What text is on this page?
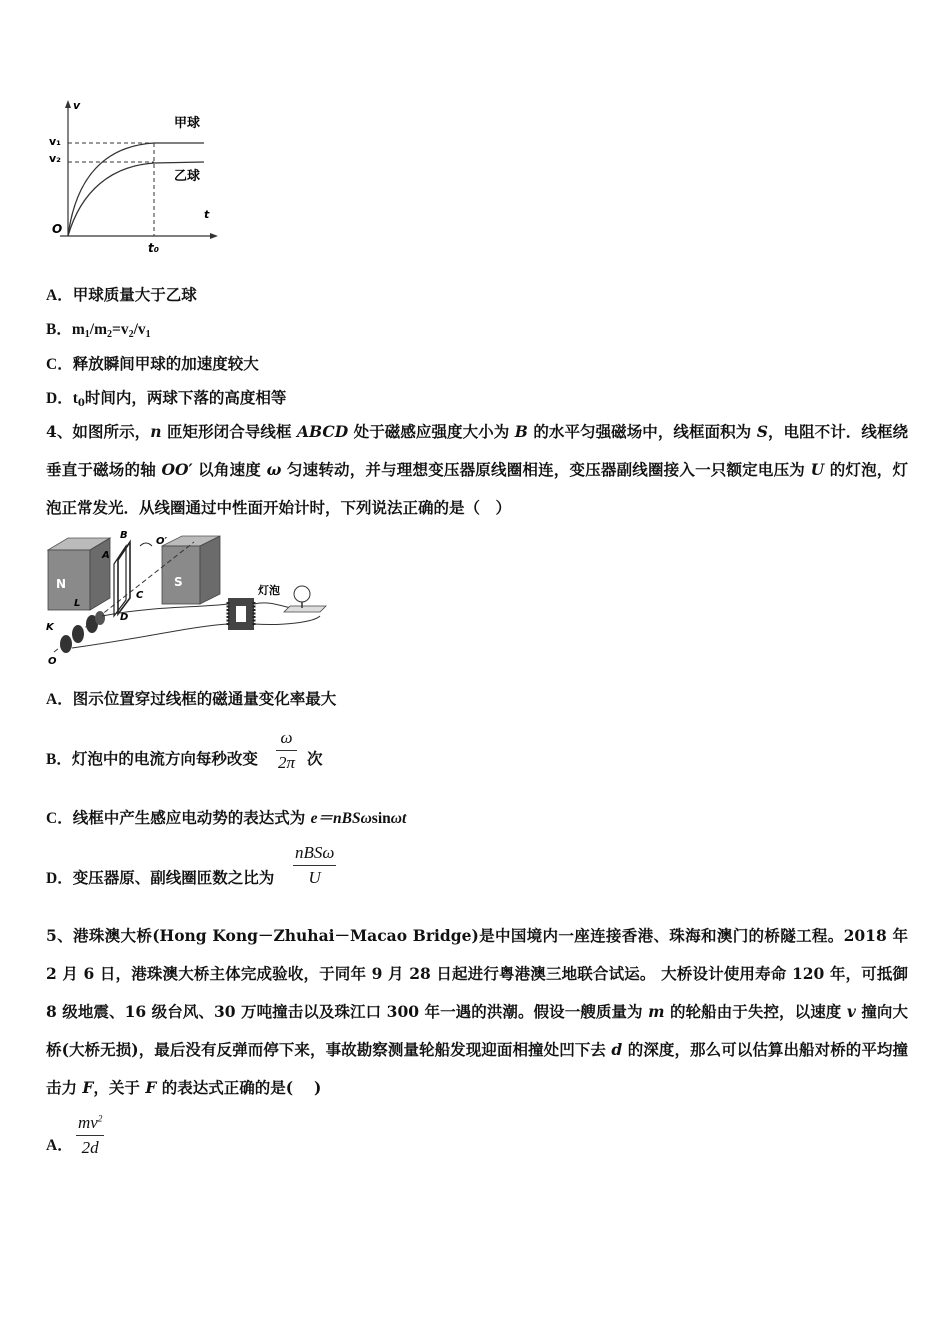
v
t
O
v₁
v₂
t₀
甲球
乙球
A．甲球质量大于乙球
B．$m_1/m_2=v_2/v_1$
C．释放瞬间甲球的加速度较大
D．$t_0$时间内，两球下落的高度相等
4、如图所示，n 匝矩形闭合导线框 ABCD 处于磁感应强度大小为 B 的水平匀强磁场中，线框面积为 S，电阻不计．线框绕垂直于磁场的轴 OO′ 以角速度 ω 匀速转动，并与理想变压器原线圈相连，变压器副线圈接入一只额定电压为 U 的灯泡，灯泡正常发光．从线圈通过中性面开始计时，下列说法正确的是（　）
N	S
A
B
C
D
O′
L
K
O
灯泡
A．图示位置穿过线框的磁通量变化率最大
B．灯泡中的电流方向每秒改变
ω
2π 次
C．线框中产生感应电动势的表达式为 e＝nBSωsinωt
D．变压器原、副线圈匝数之比为
nBSω
U
5、港珠澳大桥(Hong Kong－Zhuhai－Macao Bridge)是中国境内一座连接香港、珠海和澳门的桥隧工程。2018 年 2 月 6 日，港珠澳大桥主体完成验收，于同年 9 月 28 日起进行粤港澳三地联合试运。 大桥设计使用寿命 120 年，可抵御 8 级地震、16 级台风、30 万吨撞击以及珠江口 300 年一遇的洪潮。假设一艘质量为 m 的轮船由于失控，以速度 v 撞向大桥(大桥无损)，最后没有反弹而停下来，事故勘察测量轮船发现迎面相撞处凹下去 d 的深度，那么可以估算出船对桥的平均撞击力 F，关于 F 的表达式正确的是(　 )
A．
$mv^2$
2d
